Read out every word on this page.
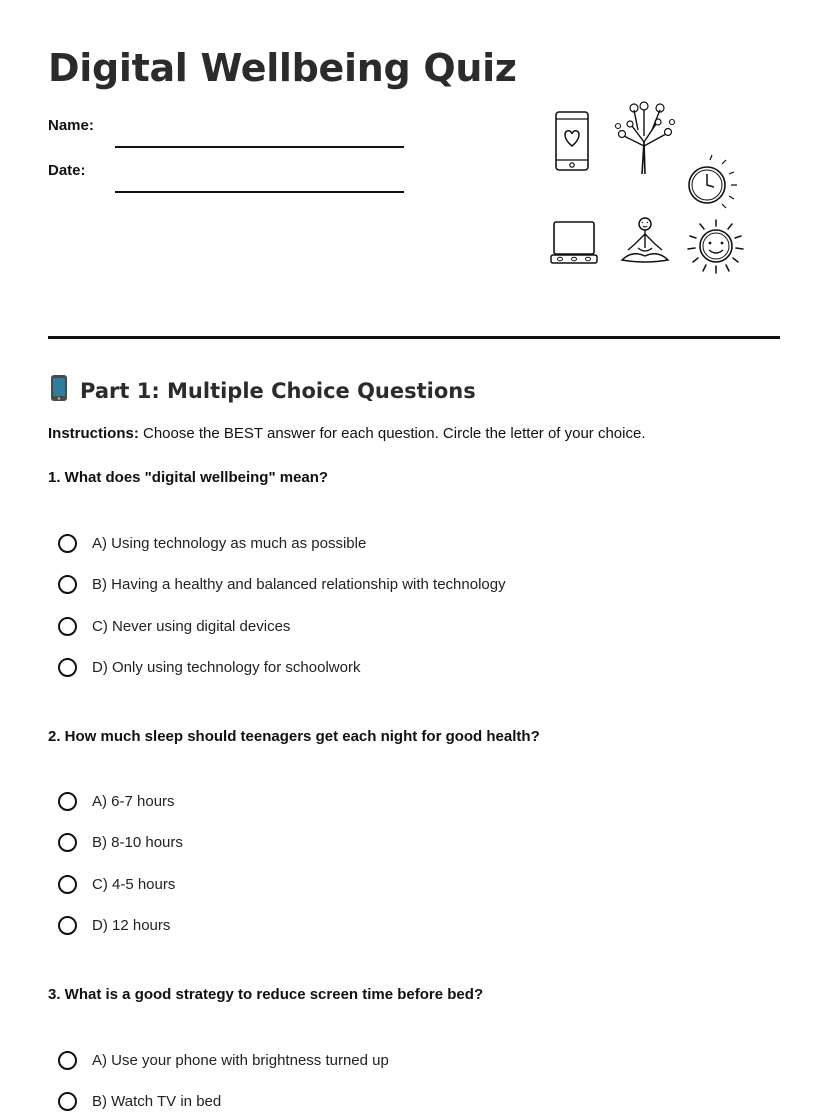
Digital Wellbeing Quiz
Name:
Date:
Part 1: Multiple Choice Questions
Instructions: Choose the BEST answer for each question. Circle the letter of your choice.
1. What does "digital wellbeing" mean?
A) Using technology as much as possible
B) Having a healthy and balanced relationship with technology
C) Never using digital devices
D) Only using technology for schoolwork
2. How much sleep should teenagers get each night for good health?
A) 6-7 hours
B) 8-10 hours
C) 4-5 hours
D) 12 hours
3. What is a good strategy to reduce screen time before bed?
A) Use your phone with brightness turned up
B) Watch TV in bed
